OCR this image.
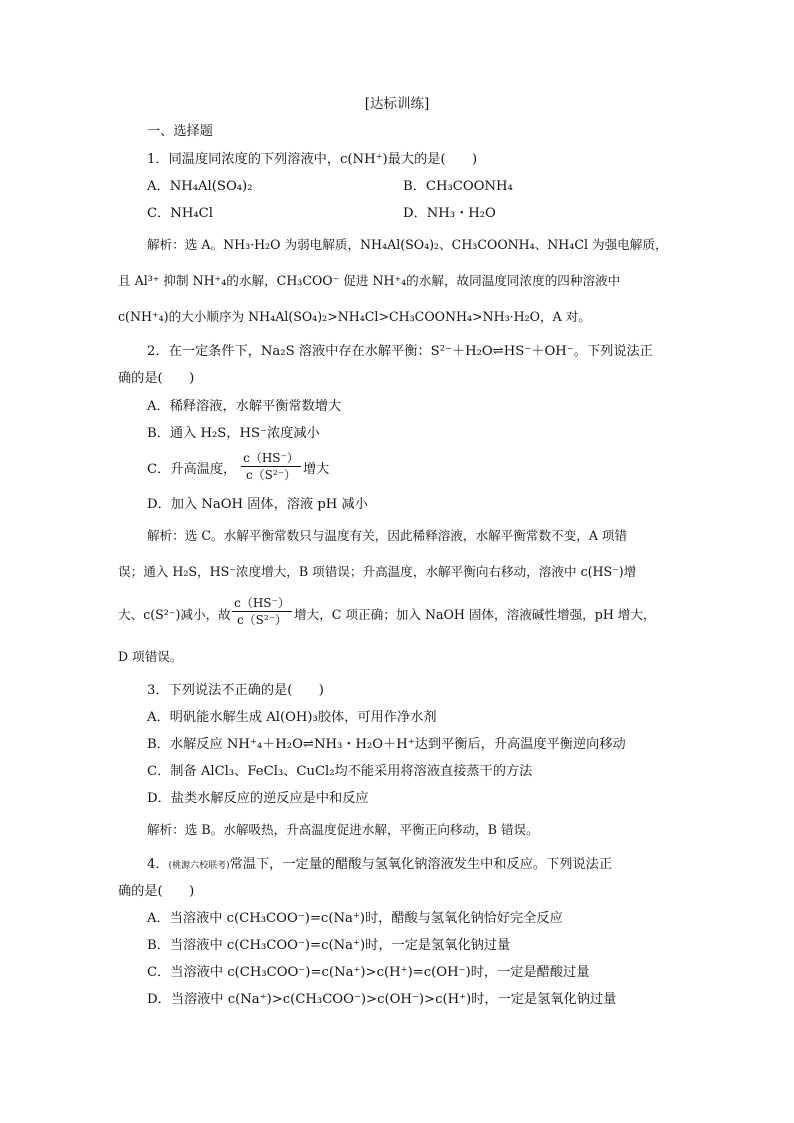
[达标训练]
一、选择题
1．同温度同浓度的下列溶液中，c(NH⁺)最大的是(　　)
A．NH₄Al(SO₄)₂	B．CH₃COONH₄
C．NH₄Cl	D．NH₃・H₂O
解析：选 A。NH₃·H₂O 为弱电解质，NH₄Al(SO₄)₂、CH₃COONH₄、NH₄Cl 为强电解质，
且 Al³⁺ 抑制 NH⁺₄的水解，CH₃COO⁻ 促进 NH⁺₄的水解，故同温度同浓度的四种溶液中
c(NH⁺₄)的大小顺序为 NH₄Al(SO₄)₂>NH₄Cl>CH₃COONH₄>NH₃·H₂O，A 对。
2．在一定条件下，Na₂S 溶液中存在水解平衡：S²⁻＋H₂O⇌HS⁻＋OH⁻。下列说法正
确的是(　　)
A．稀释溶液，水解平衡常数增大
B．通入 H₂S，HS⁻浓度减小
C．升高温度，
c（HS⁻）
c（S²⁻） 增大
D．加入 NaOH 固体，溶液 pH 减小
解析：选 C。水解平衡常数只与温度有关，因此稀释溶液，水解平衡常数不变，A 项错
误；通入 H₂S，HS⁻浓度增大，B 项错误；升高温度，水解平衡向右移动，溶液中 c(HS⁻)增
大、c(S²⁻)减小，故
c（HS⁻）
c（S²⁻） 增大，C 项正确；加入 NaOH 固体，溶液碱性增强，pH 增大，
D 项错误。
3．下列说法不正确的是(　　)
A．明矾能水解生成 Al(OH)₃胶体，可用作净水剂
B．水解反应 NH⁺₄＋H₂O⇌NH₃・H₂O＋H⁺达到平衡后，升高温度平衡逆向移动
C．制备 AlCl₃、FeCl₃、CuCl₂均不能采用将溶液直接蒸干的方法
D．盐类水解反应的逆反应是中和反应
解析：选 B。水解吸热，升高温度促进水解，平衡正向移动，B 错误。
4．(桃源六校联考)常温下，一定量的醋酸与氢氧化钠溶液发生中和反应。下列说法正
确的是(　　)
A．当溶液中 c(CH₃COO⁻)=c(Na⁺)时，醋酸与氢氧化钠恰好完全反应
B．当溶液中 c(CH₃COO⁻)=c(Na⁺)时，一定是氢氧化钠过量
C．当溶液中 c(CH₃COO⁻)=c(Na⁺)>c(H⁺)=c(OH⁻)时，一定是醋酸过量
D．当溶液中 c(Na⁺)>c(CH₃COO⁻)>c(OH⁻)>c(H⁺)时，一定是氢氧化钠过量
